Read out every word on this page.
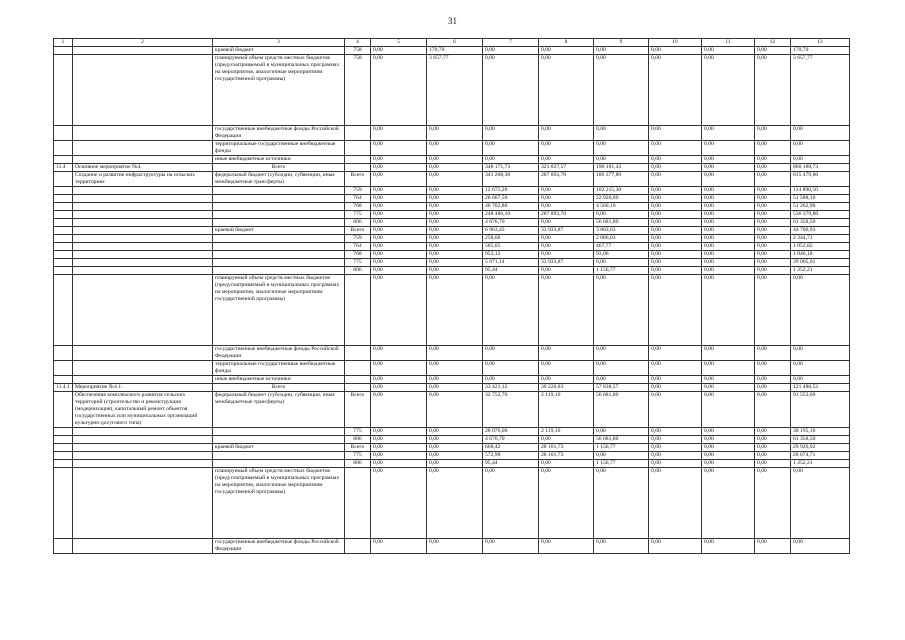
31
1	2	3	4	5	6	7	8	9	10	11	12	13
		краевой бюджет	758	0,00	170,70	0,00	0,00	0,00	0,00	0,00	0,00	170,70
		планируемый объем средств местных бюджетов (предусматриваемый в муниципальных программах на мероприятия, аналогичные мероприятиям государственной программы)	758	0,00	3 657,77	0,00	0,00	0,00	0,00	0,00	0,00	3 657,77
		государственные внебюджетные фонды Российской Федерации		0,00	0,00	0,00	0,00	0,00	0,00	0,00	0,00	0,00
		территориальные государственные внебюджетные фонды		0,00	0,00	0,00	0,00	0,00	0,00	0,00	0,00	0,00
		иные внебюджетные источники		0,00	0,00	0,00	0,00	0,00	0,00	0,00	0,00	0,00
11.4	Основное мероприятие №4.	Всего		0,00	0,00	348 171,73	321 827,57	190 181,43	0,00	0,00	0,00	860 180,73
	Создание и развитие инфраструктуры на сельских территориях	федеральный бюджет (субсидии, субвенции, иные межбюджетные трансферты)	Всего	0,00	0,00	341 208,30	287 893,70	186 377,80	0,00	0,00	0,00	815 479,80
			759	0,00	0,00	12 675,20	0,00	102 215,30	0,00	0,00	0,00	114 890,50
			764	0,00	0,00	28 667,50	0,00	22 920,60	0,00	0,00	0,00	51 588,10
			768	0,00	0,00	46 702,80	0,00	4 560,10	0,00	0,00	0,00	51 262,90
			775	0,00	0,00	248 486,10	287 893,70	0,00	0,00	0,00	0,00	536 379,80
			806	0,00	0,00	4 676,70	0,00	56 681,80	0,00	0,00	0,00	61 358,50
		краевой бюджет	Всего	0,00	0,00	6 963,43	33 933,87	3 803,63	0,00	0,00	0,00	44 700,93
			759	0,00	0,00	258,68	0,00	2 086,03	0,00	0,00	0,00	2 344,71
			764	0,00	0,00	585,05	0,00	467,77	0,00	0,00	0,00	1 052,82
			768	0,00	0,00	953,12	0,00	93,06	0,00	0,00	0,00	1 046,18
			775	0,00	0,00	5 071,14	33 933,87	0,00	0,00	0,00	0,00	39 005,01
			806	0,00	0,00	95,44	0,00	1 156,77	0,00	0,00	0,00	1 252,21
		планируемый объем средств местных бюджетов (предусматриваемый в муниципальных программах на мероприятия, аналогичные мероприятиям государственной программы)		0,00	0,00	0,00	0,00	0,00	0,00	0,00	0,00	0,00
		государственные внебюджетные фонды Российской Федерации		0,00	0,00	0,00	0,00	0,00	0,00	0,00	0,00	0,00
		территориальные государственные внебюджетные фонды		0,00	0,00	0,00	0,00	0,00	0,00	0,00	0,00	0,00
		иные внебюджетные источники		0,00	0,00	0,00	0,00	0,00	0,00	0,00	0,00	0,00
11.4.1	Мероприятие №4.1:	Всего		0,00	0,00	33 421,12	30 220,83	57 838,57	0,00	0,00	0,00	121 480,52
	Обеспечение комплексного развития сельских территорий (строительство и реконструкция (модернизация), капитальный ремонт объектов государственных или муниципальных организаций культурно-досугового типа)	федеральный бюджет (субсидии, субвенции, иные межбюджетные трансферты)	Всего	0,00	0,00	32 752,70	2 119,10	56 681,80	0,00	0,00	0,00	91 553,60
			775	0,00	0,00	28 076,00	2 119,10	0,00	0,00	0,00	0,00	30 195,10
			806	0,00	0,00	4 676,70	0,00	56 681,80	0,00	0,00	0,00	61 358,50
		краевой бюджет	Всего	0,00	0,00	668,42	28 101,73	1 156,77	0,00	0,00	0,00	29 926,92
			775	0,00	0,00	572,98	28 101,73	0,00	0,00	0,00	0,00	28 674,71
			806	0,00	0,00	95,44	0,00	1 156,77	0,00	0,00	0,00	1 252,21
		планируемый объем средств местных бюджетов (предусматриваемый в муниципальных программах на мероприятия, аналогичные мероприятиям государственной программы)		0,00	0,00	0,00	0,00	0,00	0,00	0,00	0,00	0,00
		государственные внебюджетные фонды Российской Федерации		0,00	0,00	0,00	0,00	0,00	0,00	0,00	0,00	0,00
